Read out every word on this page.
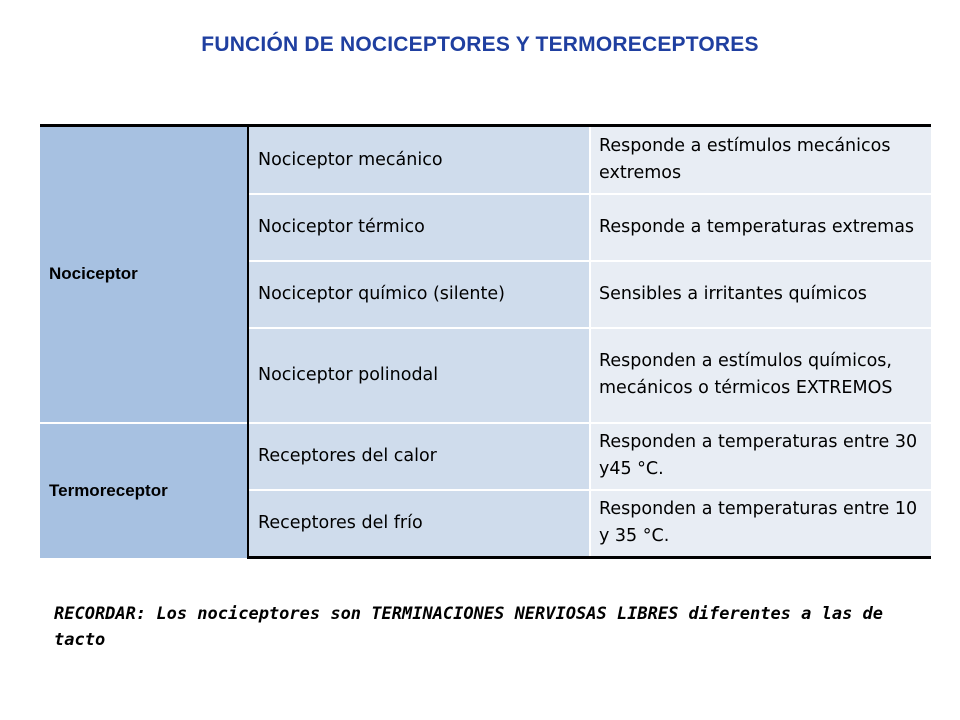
FUNCIÓN DE NOCICEPTORES Y TERMORECEPTORES
Nociceptor	Nociceptor mecánico	Responde a estímulos mecánicos extremos
	Nociceptor térmico	Responde a temperaturas extremas
	Nociceptor químico (silente)	Sensibles a irritantes químicos
	Nociceptor polinodal	Responden a estímulos químicos, mecánicos o térmicos EXTREMOS
Termoreceptor	Receptores del calor	Responden a temperaturas entre 30 y45 °C.
	Receptores del frío	Responden a temperaturas entre 10 y 35 °C.

RECORDAR: Los nociceptores son TERMINACIONES NERVIOSAS LIBRES diferentes a las de tacto
